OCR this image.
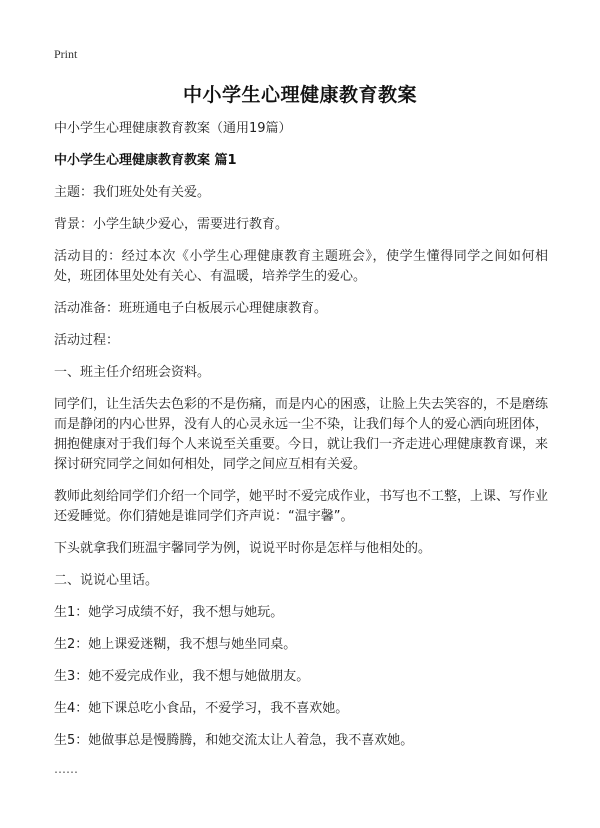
Print
中小学生心理健康教育教案

中小学生心理健康教育教案（通用19篇）

中小学生心理健康教育教案 篇1

主题：我们班处处有关爱。

背景：小学生缺少爱心，需要进行教育。

活动目的：经过本次《小学生心理健康教育主题班会》，使学生懂得同学之间如何相处，班团体里处处有关心、有温暖，培养学生的爱心。

活动准备：班班通电子白板展示心理健康教育。

活动过程：

一、班主任介绍班会资料。

同学们，让生活失去色彩的不是伤痛，而是内心的困惑，让脸上失去笑容的，不是磨练而是静闭的内心世界，没有人的心灵永远一尘不染，让我们每个人的爱心洒向班团体，拥抱健康对于我们每个人来说至关重要。今日，就让我们一齐走进心理健康教育课，来探讨研究同学之间如何相处，同学之间应互相有关爱。

教师此刻给同学们介绍一个同学，她平时不爱完成作业，书写也不工整，上课、写作业还爱睡觉。你们猜她是谁同学们齐声说：“温宇馨”。

下头就拿我们班温宇馨同学为例，说说平时你是怎样与他相处的。

二、说说心里话。

生1：她学习成绩不好，我不想与她玩。

生2：她上课爱迷糊，我不想与她坐同桌。

生3：她不爱完成作业，我不想与她做朋友。

生4：她下课总吃小食品，不爱学习，我不喜欢她。

生5：她做事总是慢腾腾，和她交流太让人着急，我不喜欢她。

……
